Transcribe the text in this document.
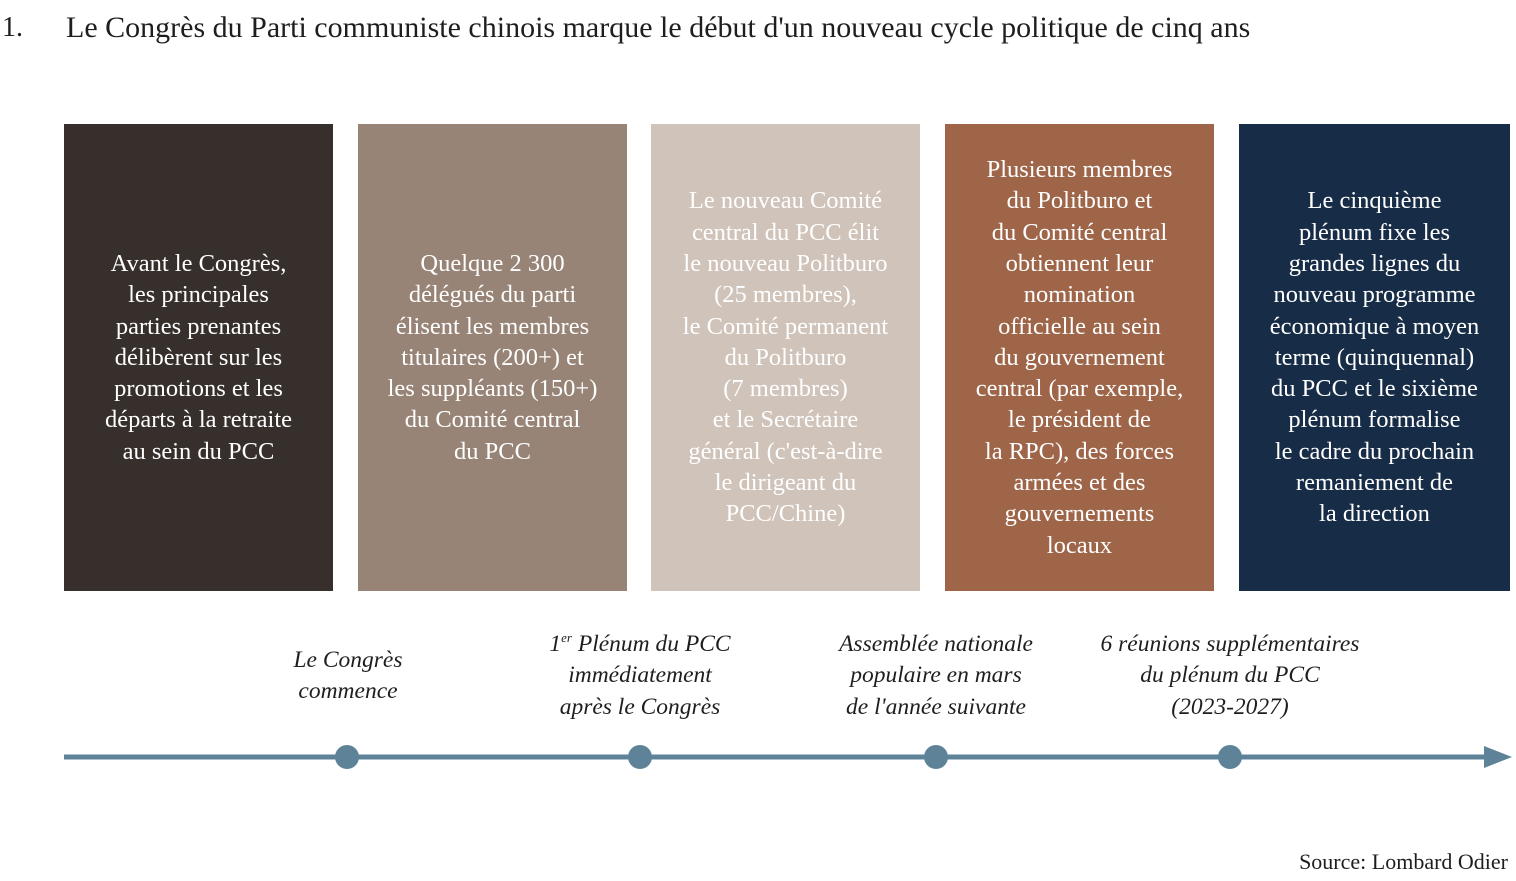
1. Le Congrès du Parti communiste chinois marque le début d'un nouveau cycle politique de cinq ans
Avant le Congrès,
les principales
parties prenantes
délibèrent sur les
promotions et les
départs à la retraite
au sein du PCC
Quelque 2 300
délégués du parti
élisent les membres
titulaires (200+) et
les suppléants (150+)
du Comité central
du PCC
Le nouveau Comité
central du PCC élit
le nouveau Politburo
(25 membres),
le Comité permanent
du Politburo
(7 membres)
et le Secrétaire
général (c'est-à-dire
le dirigeant du
PCC/Chine)
Plusieurs membres
du Politburo et
du Comité central
obtiennent leur
nomination
officielle au sein
du gouvernement
central (par exemple,
le président de
la RPC), des forces
armées et des
gouvernements
locaux
Le cinquième
plénum fixe les
grandes lignes du
nouveau programme
économique à moyen
terme (quinquennal)
du PCC et le sixième
plénum formalise
le cadre du prochain
remaniement de
la direction
Le Congrès
commence
1er Plénum du PCC
immédiatement
après le Congrès
Assemblée nationale
populaire en mars
de l'année suivante
6 réunions supplémentaires
du plénum du PCC
(2023-2027)
Source: Lombard Odier
